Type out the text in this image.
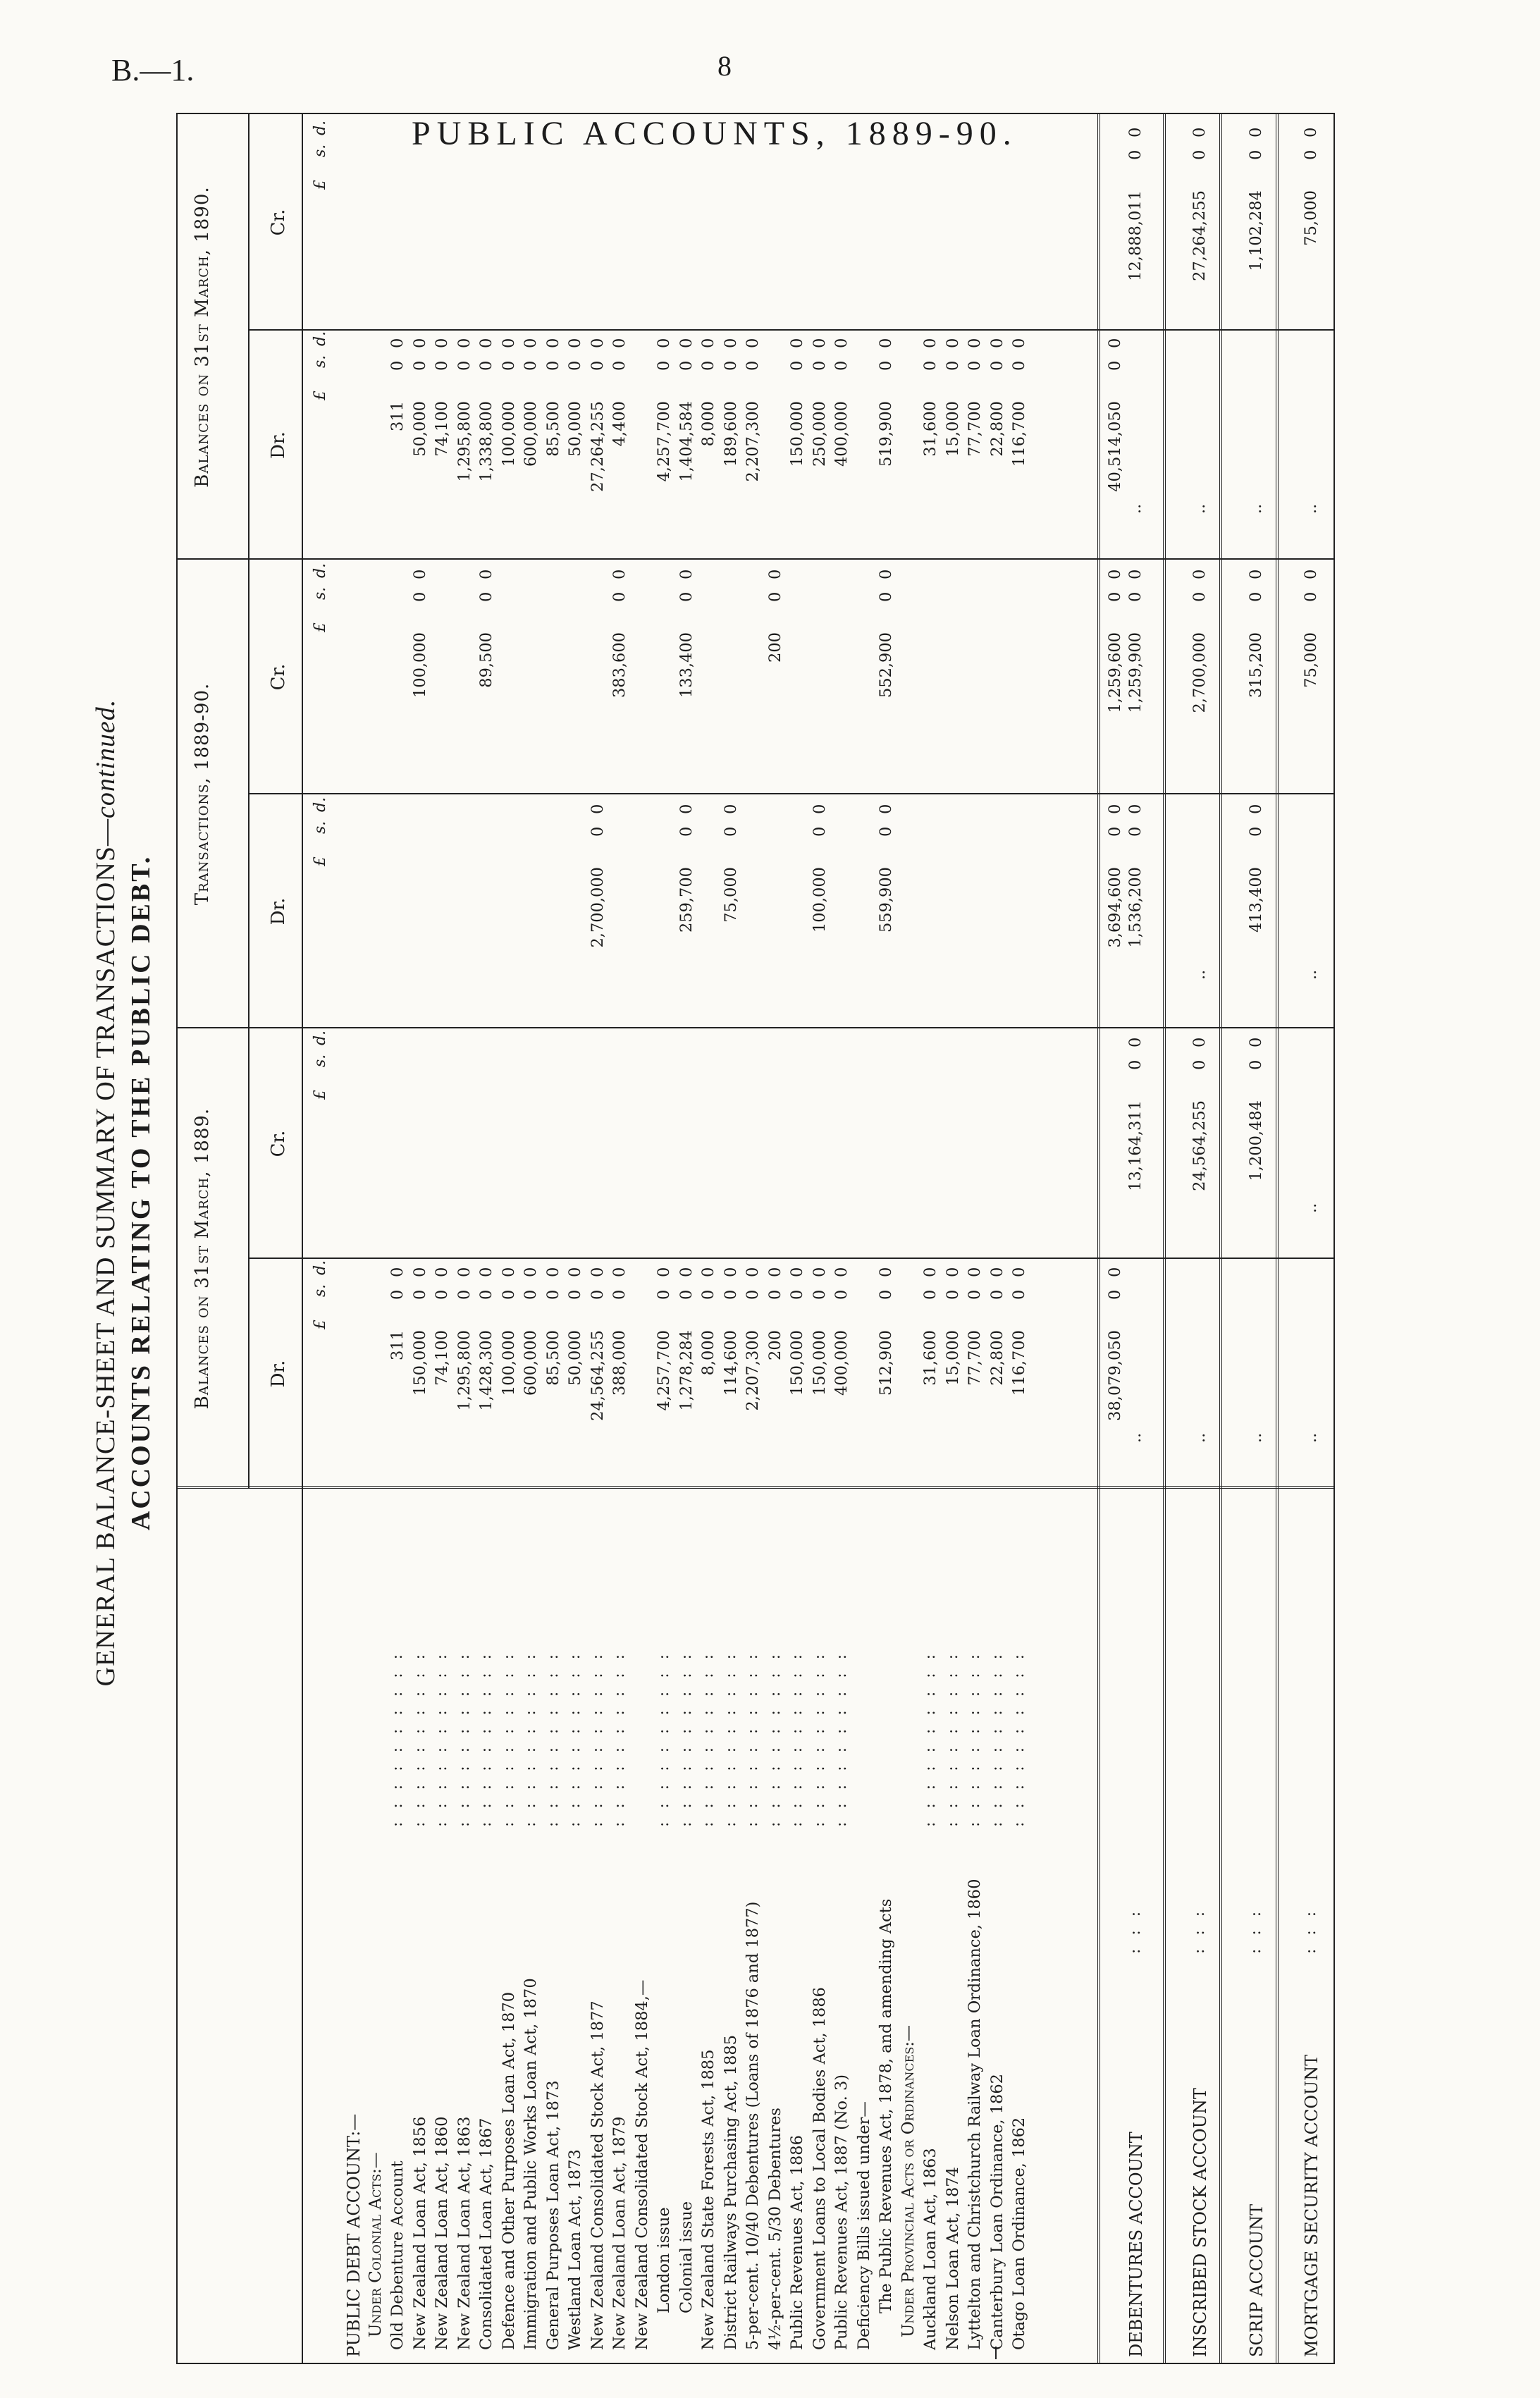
B.—1.	8
PUBLIC ACCOUNTS, 1889-90.
GENERAL BALANCE-SHEET AND SUMMARY OF TRANSACTIONS—continued.
ACCOUNTS RELATING TO THE PUBLIC DEBT. Balances on 31st March, 1889.
Transactions, 1889-90.
Balances on 31st March, 1890.
Dr.
Cr.
Dr.
Cr.
Dr.
Cr.
£
s.
d.
£
s.
d.
£
s.
d.
£
s.
d.
£
s.
d.
£
s.
d.
PUBLIC DEBT ACCOUNT:— Under Colonial Acts:— Old Debenture Account
: : : : : : : : : :
311
0
0
311
0
0
New Zealand Loan Act, 1856
: : : : : : : : : :
150,000
0
0
100,000
0
0
50,000
0
0
New Zealand Loan Act, 1860
: : : : : : : : : :
74,100
0
0
74,100
0
0
New Zealand Loan Act, 1863
: : : : : : : : : :
1,295,800
0
0
1,295,800
0
0
Consolidated Loan Act, 1867
: : : : : : : : : :
1,428,300
0
0
89,500
0
0
1,338,800
0
0
Defence and Other Purposes Loan Act, 1870
: : : : : : : : : :
100,000
0
0
100,000
0
0
Immigration and Public Works Loan Act, 1870
: : : : : : : : : :
600,000
0
0
600,000
0
0
General Purposes Loan Act, 1873
: : : : : : : : : :
85,500
0
0
85,500
0
0
Westland Loan Act, 1873
: : : : : : : : : :
50,000
0
0
50,000
0
0
New Zealand Consolidated Stock Act, 1877
: : : : : : : : : :
24,564,255
0
0
2,700,000
0
0
27,264,255
0
0
New Zealand Loan Act, 1879
: : : : : : : : : :
388,000
0
0
383,600
0
0
4,400
0
0
New Zealand Consolidated Stock Act, 1884,— London issue
: : : : : : : : : :
4,257,700
0
0
4,257,700
0
0
Colonial issue
: : : : : : : : : :
1,278,284
0
0
259,700
0
0
133,400
0
0
1,404,584
0
0
New Zealand State Forests Act, 1885
: : : : : : : : : :
8,000
0
0
8,000
0
0
District Railways Purchasing Act, 1885
: : : : : : : : : :
114,600
0
0
75,000
0
0
189,600
0
0
5-per-cent. 10/40 Debentures (Loans of 1876 and 1877)
: : : : : : : : : :
2,207,300
0
0
2,207,300
0
0
4½-per-cent. 5/30 Debentures
: : : : : : : : : :
200
0
0
200
0
0
Public Revenues Act, 1886
: : : : : : : : : :
150,000
0
0
150,000
0
0
Government Loans to Local Bodies Act, 1886
: : : : : : : : : :
150,000
0
0
100,000
0
0
250,000
0
0
Public Revenues Act, 1887 (No. 3)
: : : : : : : : : :
400,000
0
0
400,000
0
0
Deficiency Bills issued under— The Public Revenues Act, 1878, and amending Acts
512,900
0
0
559,900
0
0
552,900
0
0
519,900
0
0
Under Provincial Acts or Ordinances:— Auckland Loan Act, 1863
: : : : : : : : : :
31,600
0
0
31,600
0
0
Nelson Loan Act, 1874
: : : : : : : : : :
15,000
0
0
15,000
0
0
Lyttelton and Christchurch Railway Loan Ordinance, 1860
: : : : : : : : : :
77,700
0
0
77,700
0
0
Canterbury Loan Ordinance, 1862
: : : : : : : : : :
22,800
0
0
22,800
0
0
Otago Loan Ordinance, 1862
: : : : : : : : : :
116,700
0
0
116,700
0
0
38,079,050
0
0
3,694,600
0
0
1,259,600
0
0
40,514,050
0
0
DEBENTURES ACCOUNT
: : :
13,164,311
0
0
1,536,200
0
0
1,259,900
0
0
12,888,011
0
0
..
..
INSCRIBED STOCK ACCOUNT
: : :
24,564,255
0
0
2,700,000
0
0
27,264,255
0
0
..
..
..
SCRIP ACCOUNT
: : :
1,200,484
0
0
413,400
0
0
315,200
0
0
1,102,284
0
0
..
..
MORTGAGE SECURITY ACCOUNT
: : :
75,000
0
0
75,000
0
0
..
..
..
..
